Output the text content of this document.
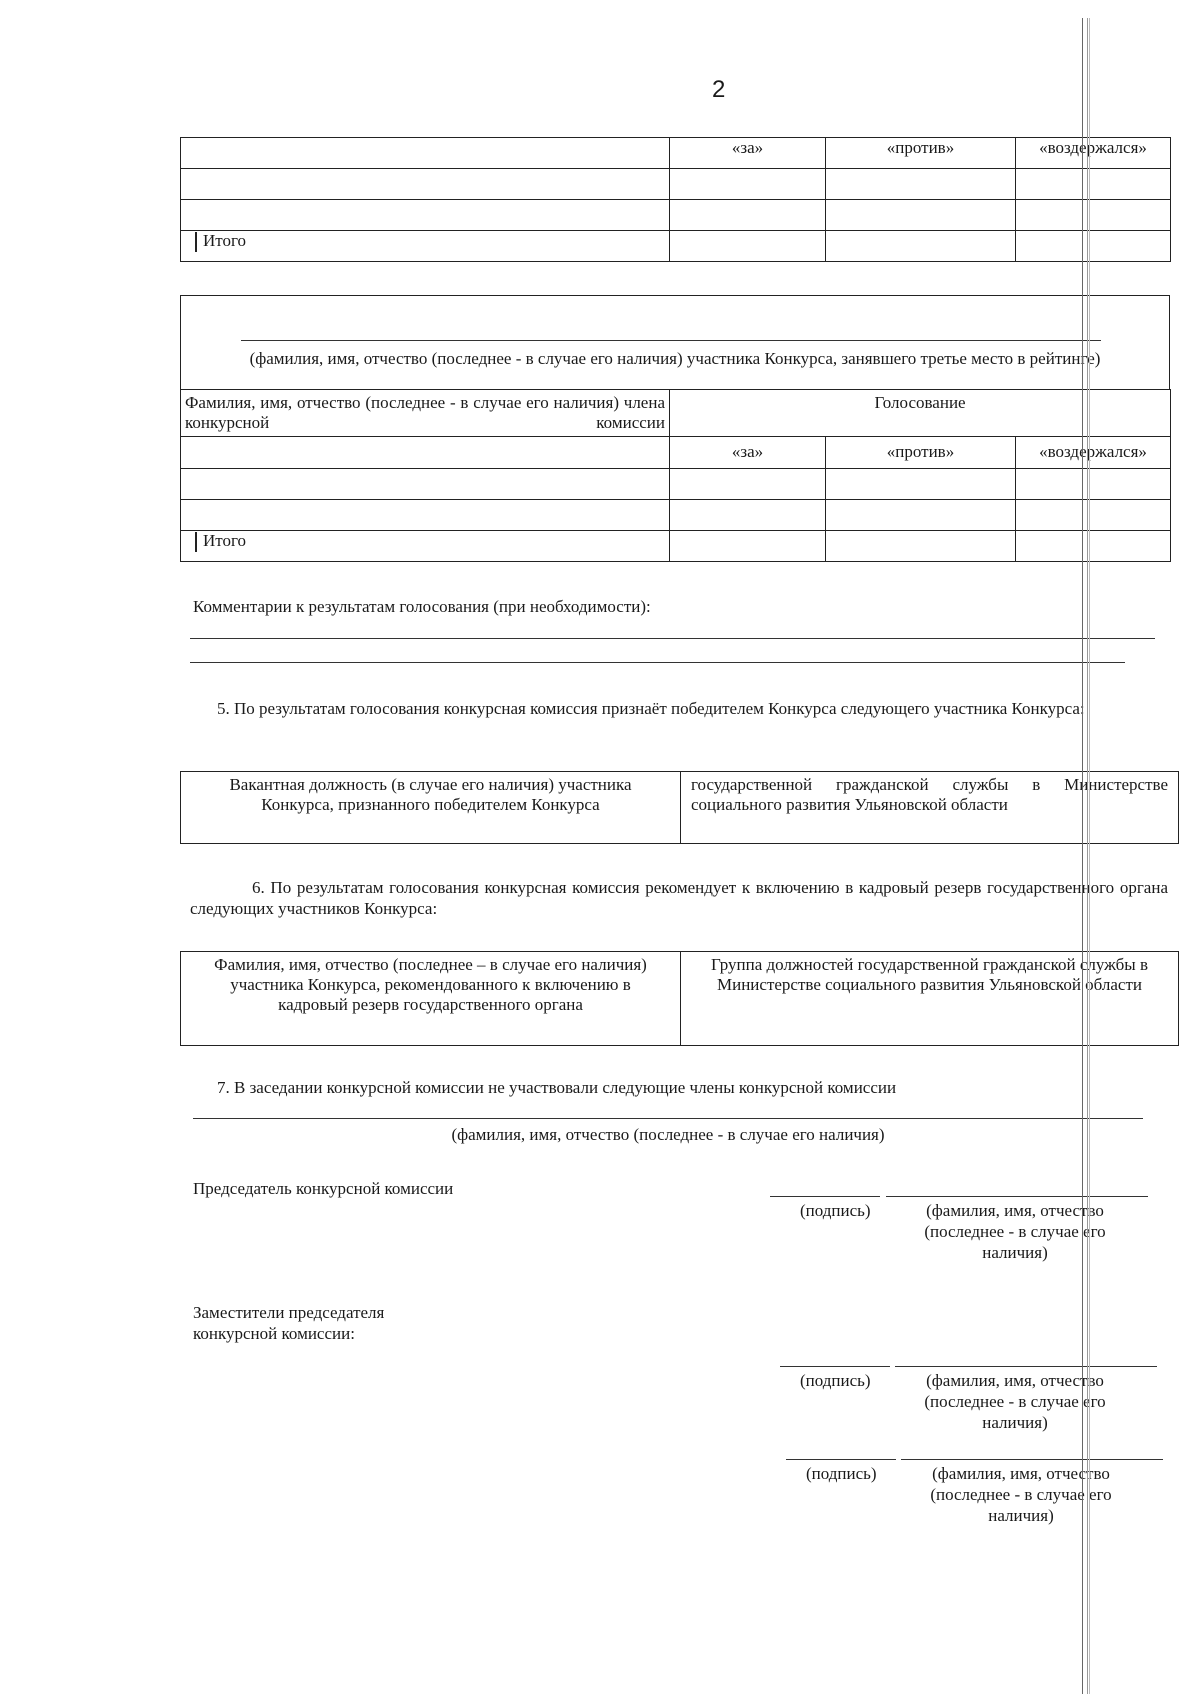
2
	«за»	«против»	«воздержался»

Итого			
(фамилия, имя, отчество (последнее - в случае его наличия) участника Конкурса, занявшего третье место в рейтинге)
Фамилия, имя, отчество (последнее - в случае его наличия) члена конкурсной комиссии	Голосование		
	«за»	«против»	«воздержался»

Итого			
Комментарии к результатам голосования (при необходимости):
5. По результатам голосования конкурсная комиссия признаёт победителем Конкурса следующего участника Конкурса:
Вакантная должность (в случае его наличия) участника Конкурса, признанного победителем Конкурса	государственной гражданской службы в Министерстве социального развития Ульяновской области
6. По результатам голосования конкурсная комиссия рекомендует к включению в кадровый резерв государственного органа следующих участников Конкурса:
Фамилия, имя, отчество (последнее – в случае его наличия) участника Конкурса, рекомендованного к включению в кадровый резерв государственного органа	Группа должностей государственной гражданской службы в Министерстве социального развития Ульяновской области
7. В заседании конкурсной комиссии не участвовали следующие члены конкурсной комиссии
(фамилия, имя, отчество (последнее - в случае его наличия)
Председатель конкурсной комиссии
(подпись)	(фамилия, имя, отчество (последнее - в случае его наличия)
Заместители председателя конкурсной комиссии:
(подпись)	(фамилия, имя, отчество (последнее - в случае его наличия)
(подпись)	(фамилия, имя, отчество (последнее - в случае его наличия)
